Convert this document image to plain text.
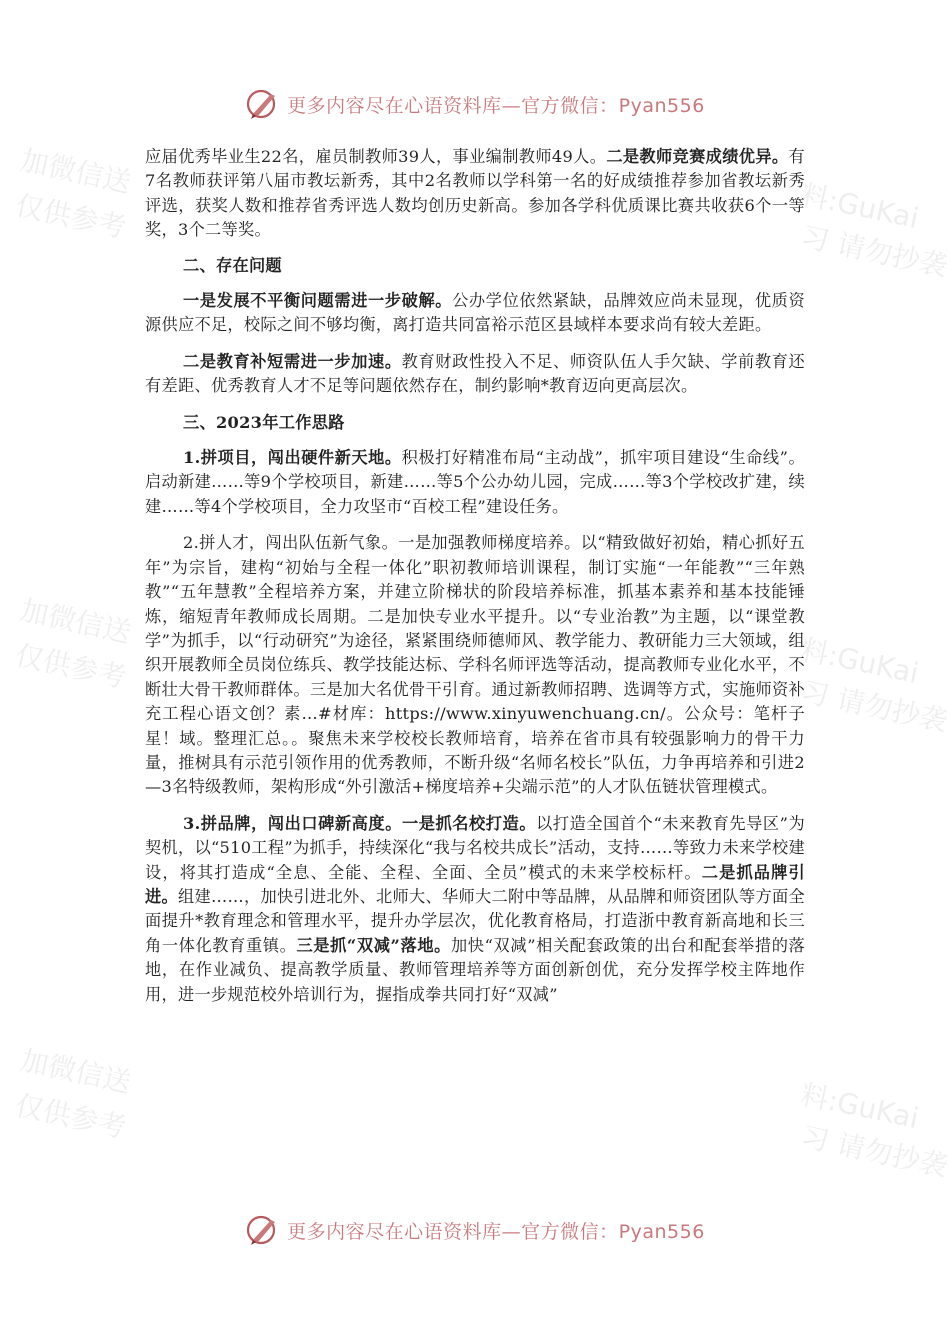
加微信送
仅供参考	料:GuKai
习 请勿抄袭
加微信送
仅供参考	料:GuKai
习 请勿抄袭
加微信送
仅供参考	料:GuKai
习 请勿抄袭
更多内容尽在心语资料库—官方微信：Pyan556

应届优秀毕业生22名，雇员制教师39人，事业编制教师49人。二是教师竞赛成绩优异。有7名教师获评第八届市教坛新秀，其中2名教师以学科第一名的好成绩推荐参加省教坛新秀评选，获奖人数和推荐省秀评选人数均创历史新高。参加各学科优质课比赛共收获6个一等奖，3个二等奖。

二、存在问题

一是发展不平衡问题需进一步破解。公办学位依然紧缺，品牌效应尚未显现，优质资源供应不足，校际之间不够均衡，离打造共同富裕示范区县域样本要求尚有较大差距。

二是教育补短需进一步加速。教育财政性投入不足、师资队伍人手欠缺、学前教育还有差距、优秀教育人才不足等问题依然存在，制约影响*教育迈向更高层次。

三、2023年工作思路

1.拼项目，闯出硬件新天地。积极打好精准布局“主动战”，抓牢项目建设“生命线”。启动新建……等9个学校项目，新建……等5个公办幼儿园，完成……等3个学校改扩建，续建……等4个学校项目，全力攻坚市“百校工程”建设任务。

2.拼人才，闯出队伍新气象。一是加强教师梯度培养。以“精致做好初始，精心抓好五年”为宗旨，建构“初始与全程一体化”职初教师培训课程，制订实施“一年能教”“三年熟教”“五年慧教”全程培养方案，并建立阶梯状的阶段培养标准，抓基本素养和基本技能锤炼，缩短青年教师成长周期。二是加快专业水平提升。以“专业治教”为主题，以“课堂教学”为抓手，以“行动研究”为途径，紧紧围绕师德师风、教学能力、教研能力三大领域，组织开展教师全员岗位练兵、教学技能达标、学科名师评选等活动，提高教师专业化水平，不断壮大骨干教师群体。三是加大名优骨干引育。通过新教师招聘、选调等方式，实施师资补充工程心语文创？素…#材库：https://www.xinyuwenchuang.cn/。公众号：笔杆子星！域。整理汇总。。聚焦未来学校校长教师培育，培养在省市具有较强影响力的骨干力量，推树具有示范引领作用的优秀教师，不断升级“名师名校长”队伍，力争再培养和引进2—3名特级教师，架构形成“外引激活+梯度培养+尖端示范”的人才队伍链状管理模式。

3.拼品牌，闯出口碑新高度。一是抓名校打造。以打造全国首个“未来教育先导区”为契机，以“510工程”为抓手，持续深化“我与名校共成长”活动，支持……等致力未来学校建设，将其打造成“全息、全能、全程、全面、全员”模式的未来学校标杆。二是抓品牌引进。组建……，加快引进北外、北师大、华师大二附中等品牌，从品牌和师资团队等方面全面提升*教育理念和管理水平，提升办学层次，优化教育格局，打造浙中教育新高地和长三角一体化教育重镇。三是抓“双减”落地。加快“双减”相关配套政策的出台和配套举措的落地，在作业减负、提高教学质量、教师管理培养等方面创新创优，充分发挥学校主阵地作用，进一步规范校外培训行为，握指成拳共同打好“双减”

更多内容尽在心语资料库—官方微信：Pyan556
